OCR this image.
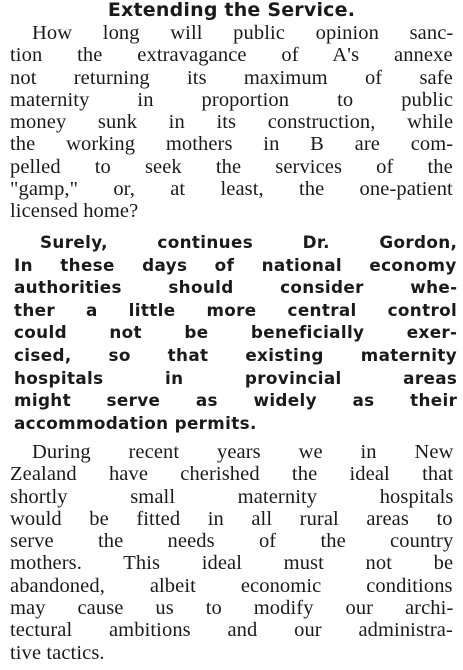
Extending the Service.
How long will public opinion sanc-
tion the extravagance of A's annexe
not returning its maximum of safe
maternity in proportion to public
money sunk in its construction, while
the working mothers in B are com-
pelled to seek the services of the
"gamp," or, at least, the one-patient
licensed home?
Surely, continues Dr. Gordon,
In these days of national economy
authorities should consider whe-
ther a little more central control
could not be beneficially exer-
cised, so that existing maternity
hospitals in provincial areas
might serve as widely as their
accommodation permits.
During recent years we in New
Zealand have cherished the ideal that
shortly small maternity hospitals
would be fitted in all rural areas to
serve the needs of the country
mothers. This ideal must not be
abandoned, albeit economic conditions
may cause us to modify our archi-
tectural ambitions and our administra-
tive tactics.
